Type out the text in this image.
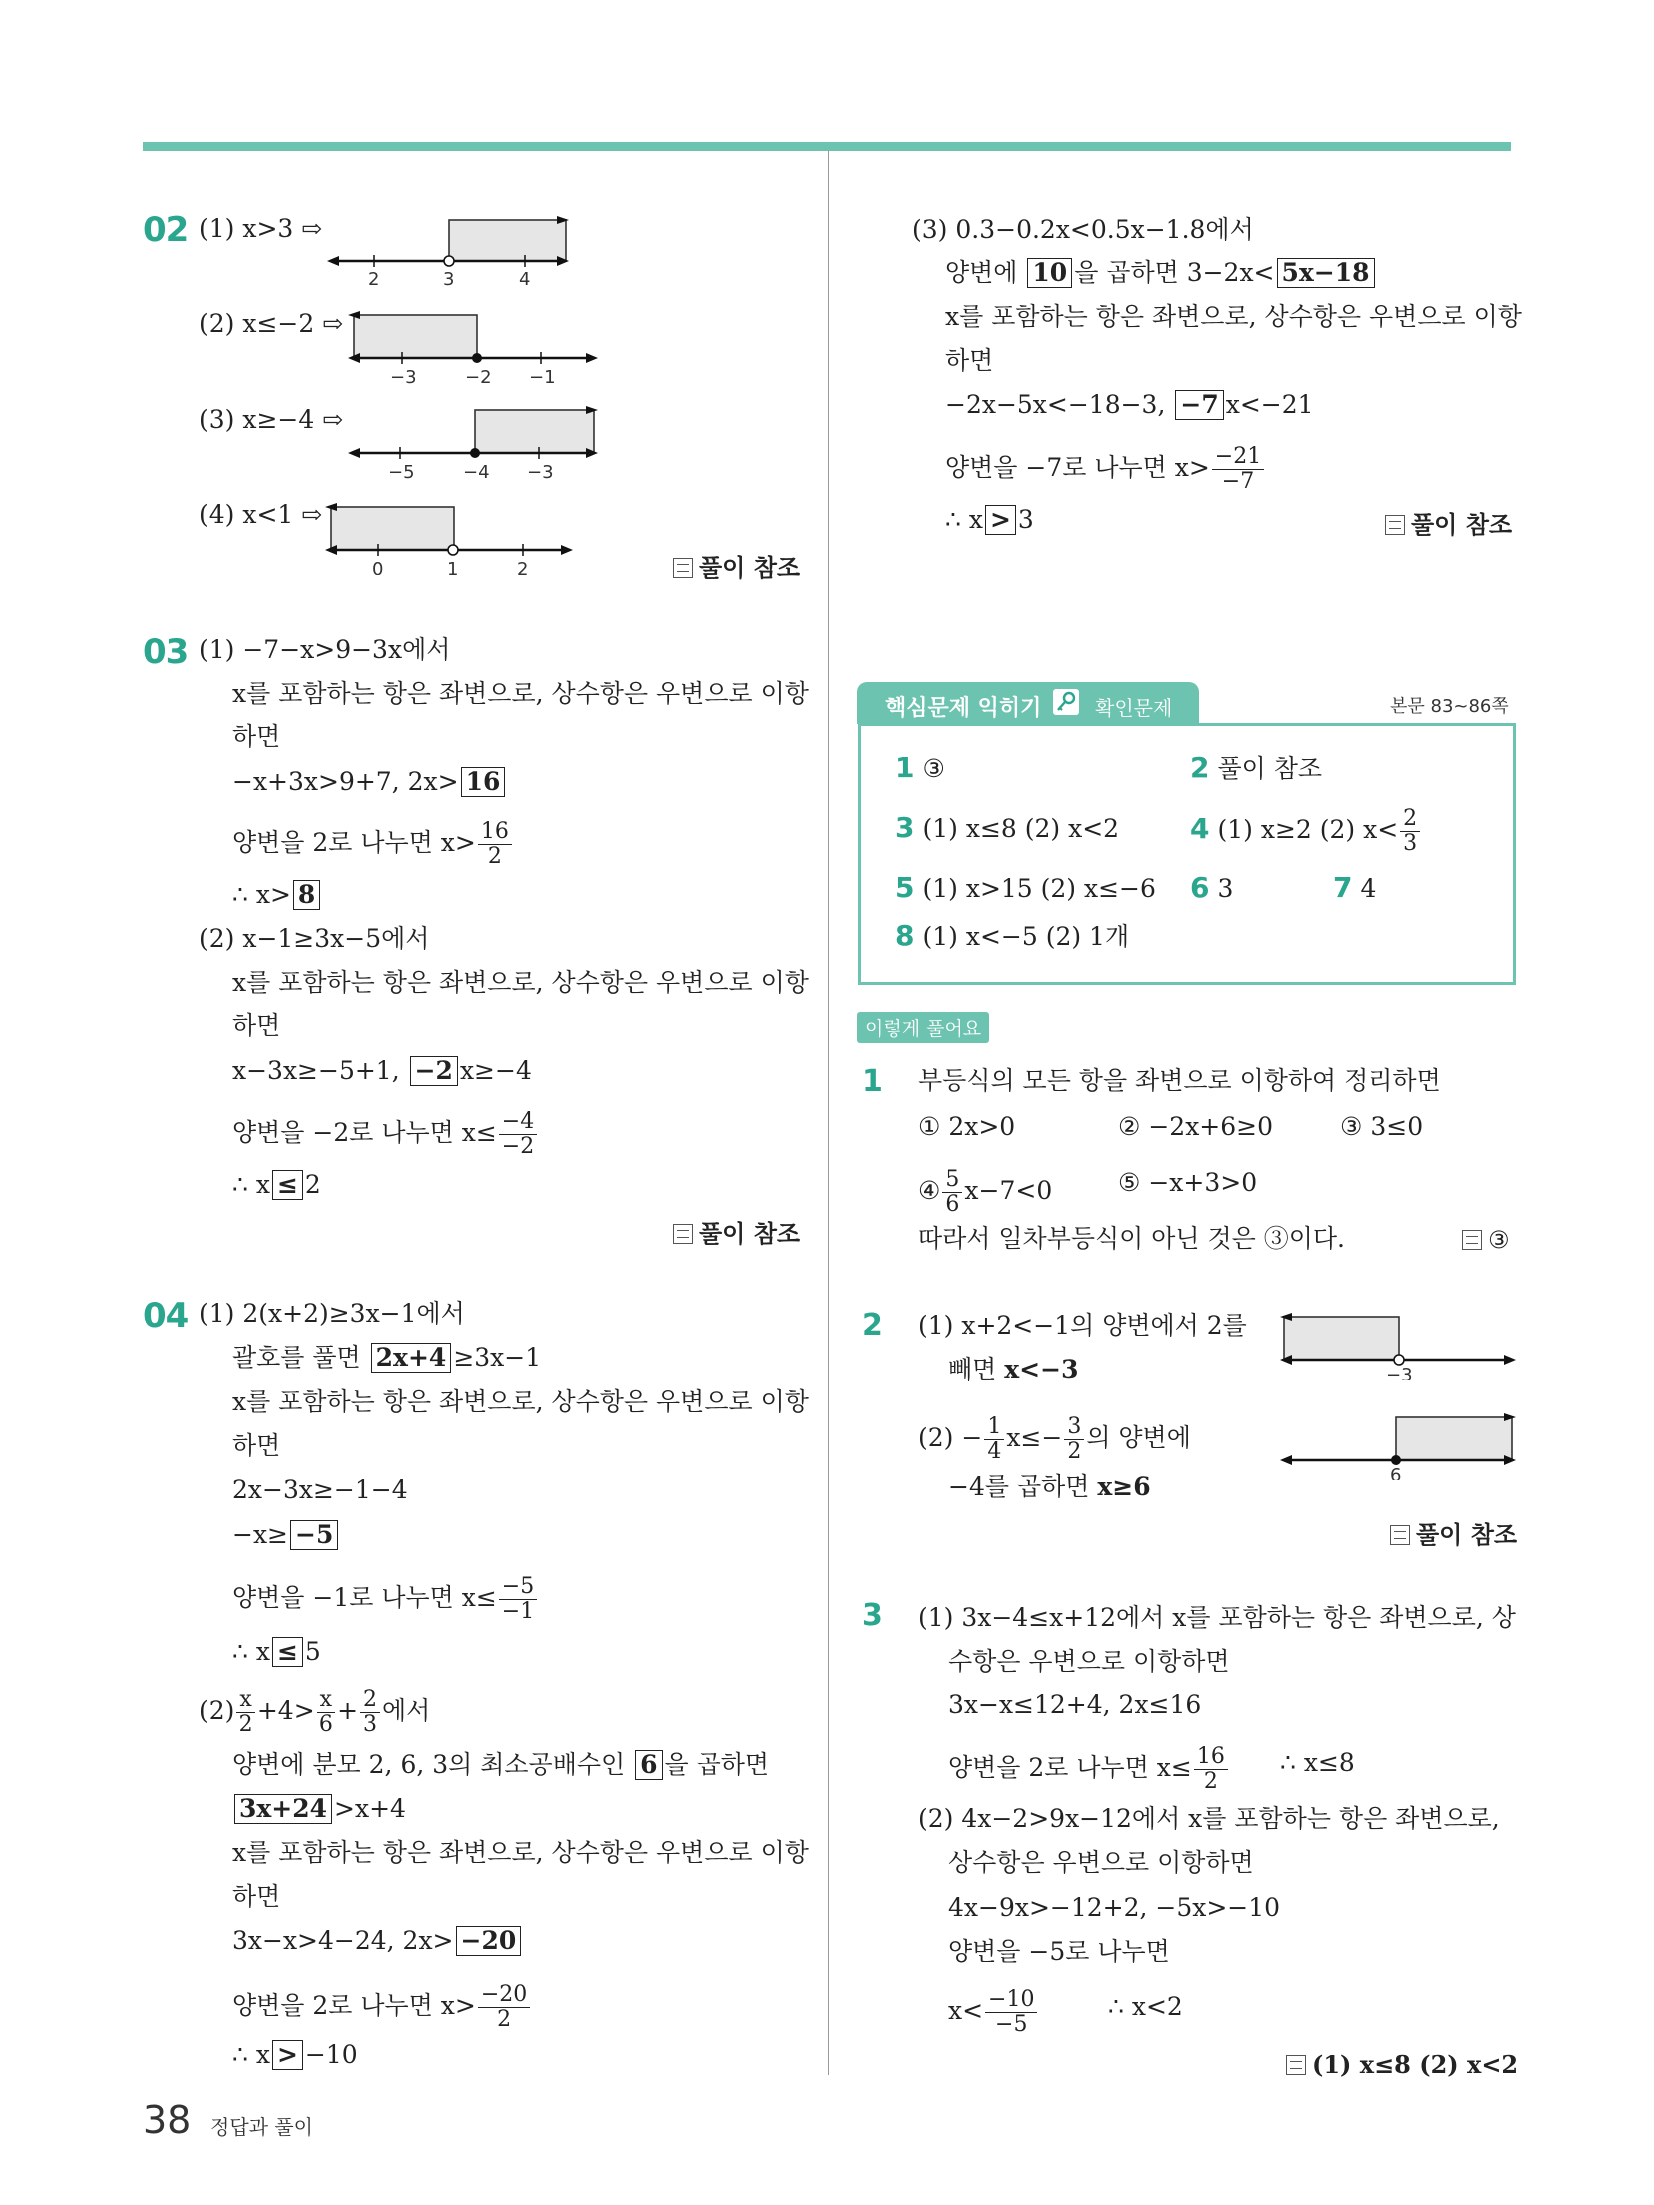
02 (1) x>3 ⇨
2	3	4
(2) x≤−2 ⇨
−3	−2 −1
(3) x≥−4 ⇨
−5	−4 −3
(4) x<1 ⇨
0	1	2	풀이 참조
(3) 0.3−0.2x<0.5x−1.8에서
양변에 10 을 곱하면 3−2x< 5x−18
x를 포함하는 항은 좌변으로, 상수항은 우변으로 이항
하면
−2x−5x<−18−3, −7 x<−21
양변을 −7로 나누면 $x> \frac{-21}{-7}$
∴ x > 3	풀이 참조
03 (1) −7−x>9−3x에서
x를 포함하는 항은 좌변으로, 상수항은 우변으로 이항
하면
−x+3x>9+7, 2x> 16
양변을 2로 나누면 $x> \frac{16}{2}$
∴ x> 8
(2) x−1≥3x−5에서
x를 포함하는 항은 좌변으로, 상수항은 우변으로 이항
하면
x−3x≥−5+1, −2 x≥−4
양변을 −2로 나누면 $x\le \frac{-4}{-2}$
∴ x ≤ 2
풀이 참조
04 (1) 2(x+2)≥3x−1에서
괄호를 풀면 2x+4 ≥3x−1
x를 포함하는 항은 좌변으로, 상수항은 우변으로 이항
하면
2x−3x≥−1−4
−x≥ −5
양변을 −1로 나누면 $x\le \frac{-5}{-1}$
∴ x ≤ 5
$(2) \frac{x}{2} +4> \frac{x}{6} + \frac{2}{3}$ 에서
양변에 분모 2, 6, 3의 최소공배수인 6 을 곱하면
3x+24 >x+4
x를 포함하는 항은 좌변으로, 상수항은 우변으로 이항
하면
3x−x>4−24, 2x> −20
양변을 2로 나누면 $x> \frac{-20}{2}$
∴ x > −10
핵심문제 익히기	확인문제	본문 83~86쪽
1 ③	2 풀이 참조
3 (1) x≤8 (2) x<2	4 (1) x≥2 (2) $x< \frac{2}{3}$
5 (1) x>15 (2) x≤−6 6 3	7 4
8 (1) x<−5 (2) 1개
이렇게 풀어요
1 부등식의 모든 항을 좌변으로 이항하여 정리하면
① 2x>0	② −2x+6≥0	③ 3≤0
④ $\frac{5}{6} x-7<0$	⑤ −x+3>0
따라서 일차부등식이 아닌 것은 ③이다.	③
2 (1) x+2<−1의 양변에서 2를
빼면 x<−3
$(2) - \frac{1}{4} x\le- \frac{3}{2}$ 의 양변에
−4를 곱하면 x≥6
−3
6
풀이 참조
3 (1) 3x−4≤x+12에서 x를 포함하는 항은 좌변으로, 상
수항은 우변으로 이항하면
3x−x≤12+4, 2x≤16
양변을 2로 나누면 $x\le \frac{16}{2}$ ∴ x≤8
(2) 4x−2>9x−12에서 x를 포함하는 항은 좌변으로,
상수항은 우변으로 이항하면
4x−9x>−12+2, −5x>−10
양변을 −5로 나누면
$x< \frac{-10}{-5}$	∴ x<2
(1) x≤8 (2) x<2
38 정답과 풀이
